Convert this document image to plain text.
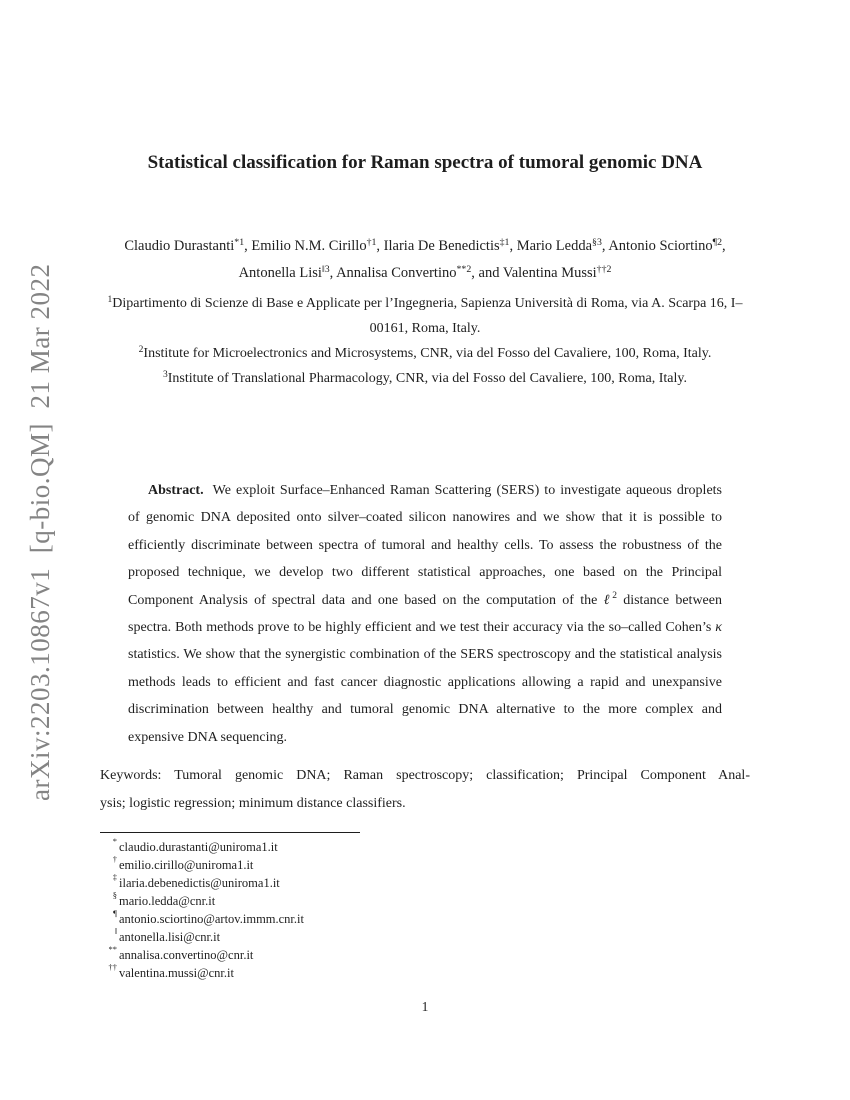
arXiv:2203.10867v1  [q-bio.QM]  21 Mar 2022
Statistical classification for Raman spectra of tumoral genomic DNA

Claudio Durastanti$^{*1}$, Emilio N.M. Cirillo$^{\dagger 1}$, Ilaria De Benedictis$^{\ddagger 1}$, Mario Ledda$^{\S 3}$, Antonio Sciortino$^{\P 2}$, Antonella Lisi$^{‖3}$, Annalisa Convertino$^{**2}$, and Valentina Mussi$^{\dagger\dagger 2}$

$^1$Dipartimento di Scienze di Base e Applicate per l’Ingegneria, Sapienza Università di Roma, via A. Scarpa 16, I–00161, Roma, Italy.

$^2$Institute for Microelectronics and Microsystems, CNR, via del Fosso del Cavaliere, 100, Roma, Italy.

$^3$Institute of Translational Pharmacology, CNR, via del Fosso del Cavaliere, 100, Roma, Italy.

Abstract. We exploit Surface–Enhanced Raman Scattering (SERS) to investigate aqueous droplets of genomic DNA deposited onto silver–coated silicon nanowires and we show that it is possible to efficiently discriminate between spectra of tumoral and healthy cells. To assess the robustness of the proposed technique, we develop two different statistical approaches, one based on the Principal Component Analysis of spectral data and one based on the computation of the ℓ$^2$ distance between spectra. Both methods prove to be highly efficient and we test their accuracy via the so–called Cohen’s κ statistics. We show that the synergistic combination of the SERS spectroscopy and the statistical analysis methods leads to efficient and fast cancer diagnostic applications allowing a rapid and unexpansive discrimination between healthy and tumoral genomic DNA alternative to the more complex and expensive DNA sequencing.

Keywords: Tumoral genomic DNA; Raman spectroscopy; classification; Principal Component Anal-
ysis; logistic regression; minimum distance classifiers.

* claudio.durastanti@uniroma1.it

† emilio.cirillo@uniroma1.it

‡ ilaria.debenedictis@uniroma1.it

§ mario.ledda@cnr.it

¶ antonio.sciortino@artov.immm.cnr.it

‖ antonella.lisi@cnr.it

** annalisa.convertino@cnr.it

†† valentina.mussi@cnr.it

1
